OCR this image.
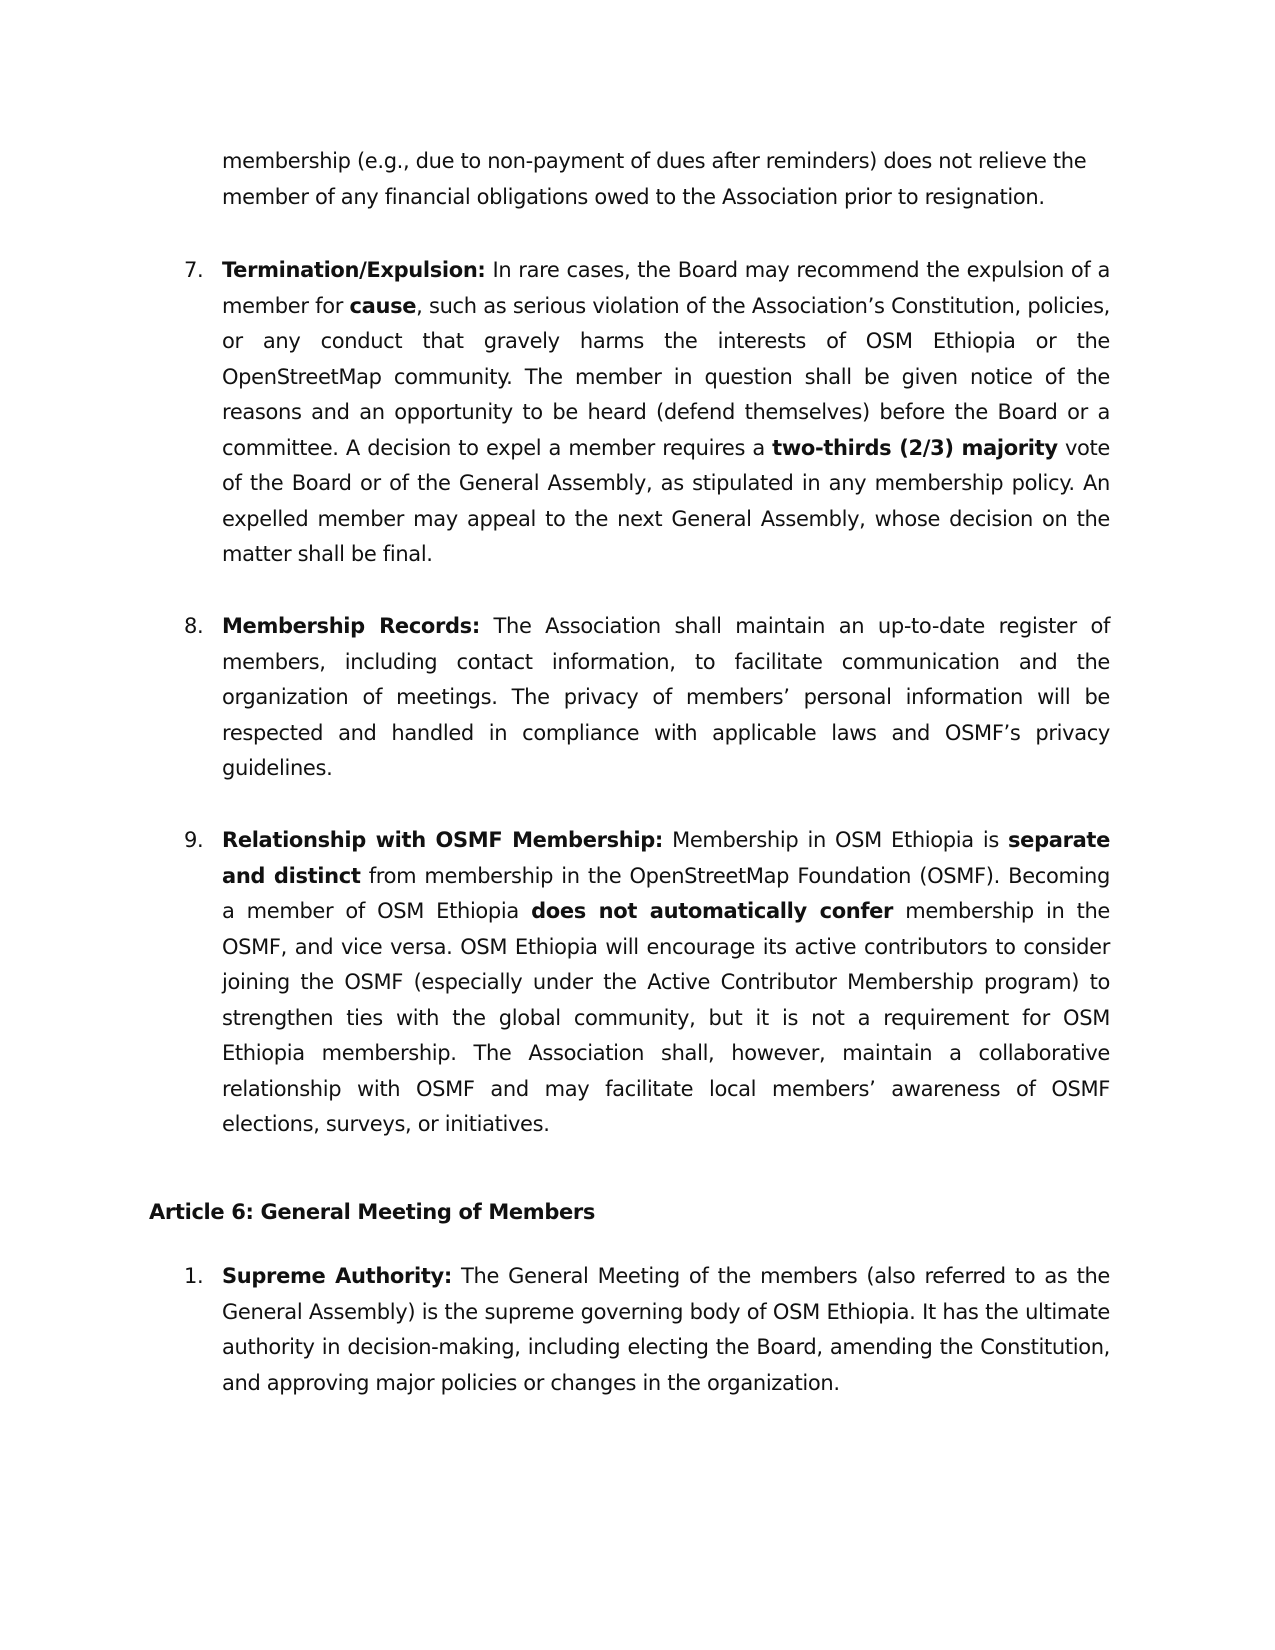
membership (e.g., due to non-payment of dues after reminders) does not relieve the member of any financial obligations owed to the Association prior to resignation.

7. Termination/Expulsion: In rare cases, the Board may recommend the expulsion of a member for cause, such as serious violation of the Association’s Constitution, policies, or any conduct that gravely harms the interests of OSM Ethiopia or the OpenStreetMap community. The member in question shall be given notice of the reasons and an opportunity to be heard (defend themselves) before the Board or a committee. A decision to expel a member requires a two-thirds (2/3) majority vote of the Board or of the General Assembly, as stipulated in any membership policy. An expelled member may appeal to the next General Assembly, whose decision on the matter shall be final.

8. Membership Records: The Association shall maintain an up-to-date register of members, including contact information, to facilitate communication and the organization of meetings. The privacy of members’ personal information will be respected and handled in compliance with applicable laws and OSMF’s privacy guidelines.

9. Relationship with OSMF Membership: Membership in OSM Ethiopia is separate and distinct from membership in the OpenStreetMap Foundation (OSMF). Becoming a member of OSM Ethiopia does not automatically confer membership in the OSMF, and vice versa. OSM Ethiopia will encourage its active contributors to consider joining the OSMF (especially under the Active Contributor Membership program) to strengthen ties with the global community, but it is not a requirement for OSM Ethiopia membership. The Association shall, however, maintain a collaborative relationship with OSMF and may facilitate local members’ awareness of OSMF elections, surveys, or initiatives.

Article 6: General Meeting of Members
1. Supreme Authority: The General Meeting of the members (also referred to as the General Assembly) is the supreme governing body of OSM Ethiopia. It has the ultimate authority in decision-making, including electing the Board, amending the Constitution, and approving major policies or changes in the organization.
